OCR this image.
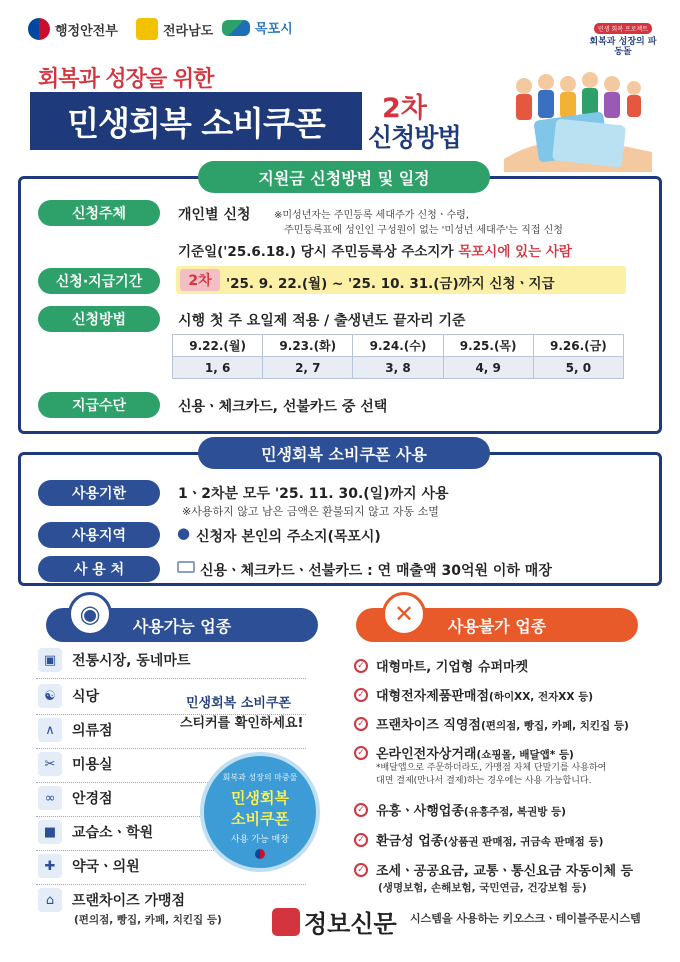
행정안전부	전라남도	목포시	민생 회복 프로젝트
회복과 성장의 파동돌
회복과 성장을 위한
민생회복 소비쿠폰	2차
신청방법
지원금 신청방법 및 일정
신청주체	개인별 신청 ※미성년자는 주민등록 세대주가 신청ㆍ수령,
주민등록표에 성인인 구성원이 없는 '미성년 세대주'는 직접 신청
기준일('25.6.18.) 당시 주민등록상 주소지가 목포시에 있는 사람
신청·지급기간	2차	'25. 9. 22.(월) ~ '25. 10. 31.(금)까지 신청ㆍ지급
신청방법	시행 첫 주 요일제 적용 / 출생년도 끝자리 기준
9.22.(월)	9.23.(화)	9.24.(수)	9.25.(목)	9.26.(금)
1, 6	2, 7	3, 8	4, 9	5, 0
지급수단	신용ㆍ체크카드, 선불카드 중 선택
민생회복 소비쿠폰 사용
사용기한	1ㆍ2차분 모두 '25. 11. 30.(일)까지 사용
※사용하지 않고 남은 금액은 환불되지 않고 자동 소멸
사용지역	● 신청자 본인의 주소지(목포시)
사 용 처	신용ㆍ체크카드ㆍ선불카드 : 연 매출액 30억원 이하 매장
사용가능 업종
◉
▣	전통시장, 동네마트
☯	식당
∧	의류점
✂	미용실
∞	안경점
■	교습소ㆍ학원
✚	약국ㆍ의원
⌂	프랜차이즈 가맹점
(편의점, 빵집, 카페, 치킨집 등)
민생회복 소비쿠폰
스티커를 확인하세요!
회복과 성장의 마중물
민생회복
소비쿠폰
사용 가능 매장
사용불가 업종
✕
✓ 대형마트, 기업형 슈퍼마켓
✓ 대형전자제품판매점(하이XX, 전자XX 등)
✓ 프랜차이즈 직영점(편의점, 빵집, 카페, 치킨집 등)
✓ 온라인전자상거래(쇼핑몰, 배달앱* 등)
*배달앱으로 주문하더라도, 가맹점 자체 단말기를 사용하여
대면 결제(만나서 결제)하는 경우에는 사용 가능합니다.
✓ 유흥ㆍ사행업종(유흥주점, 복권방 등)
✓ 환금성 업종(상품권 판매점, 귀금속 판매점 등)
✓ 조세ㆍ공공요금, 교통ㆍ통신요금 자동이체 등
(생명보험, 손해보험, 국민연금, 건강보험 등)
시스템을 사용하는 키오스크ㆍ테이블주문시스템
정보신문
